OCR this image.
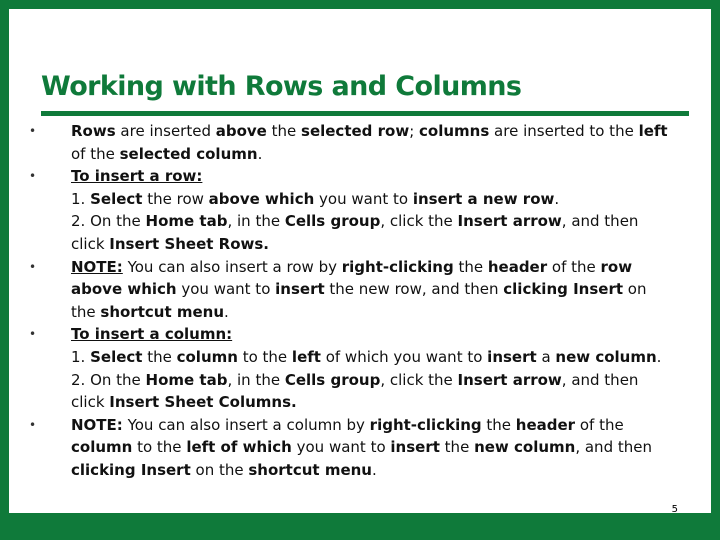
Working with Rows and Columns
• Rows are inserted above the selected row; columns are inserted to the left
of the selected column.
• To insert a row:
1. Select the row above which you want to insert a new row.
2. On the Home tab, in the Cells group, click the Insert arrow, and then
click Insert Sheet Rows.
• NOTE: You can also insert a row by right-clicking the header of the row
above which you want to insert the new row, and then clicking Insert on
the shortcut menu.
• To insert a column:
1. Select the column to the left of which you want to insert a new column.
2. On the Home tab, in the Cells group, click the Insert arrow, and then
click Insert Sheet Columns.
• NOTE: You can also insert a column by right-clicking the header of the
column to the left of which you want to insert the new column, and then
clicking Insert on the shortcut menu.
5
